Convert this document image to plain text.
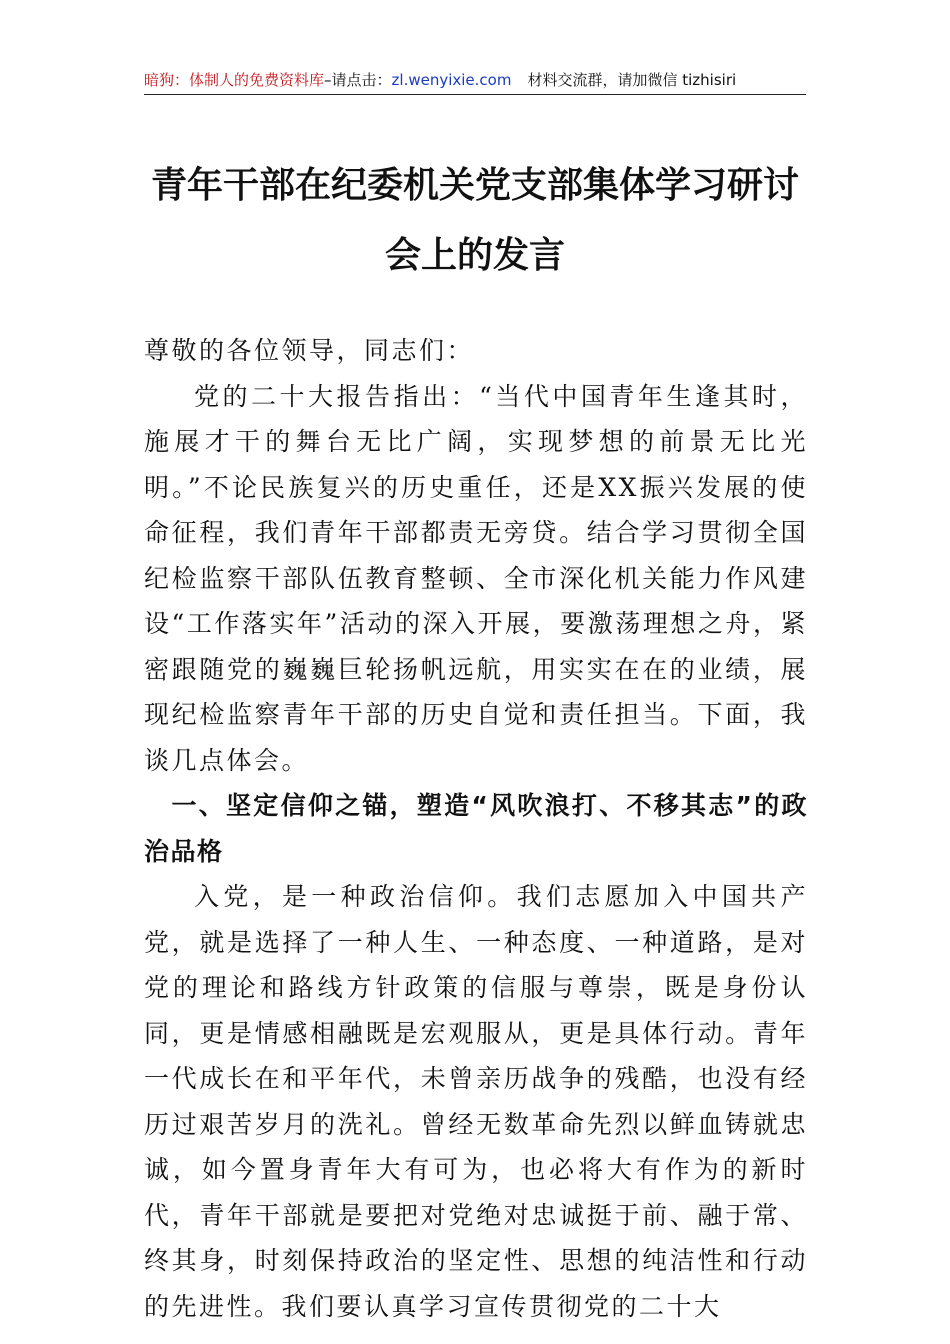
暗狗：体制人的免费资料库–请点击：zl.wenyixie.com 材料交流群，请加微信 tizhisiri
青年干部在纪委机关党支部集体学习研讨
会上的发言

尊敬的各位领导，同志们：

党的二十大报告指出：“当代中国青年生逢其时，施展才干的舞台无比广阔，实现梦想的前景无比光明。”不论民族复兴的历史重任，还是XX振兴发展的使命征程，我们青年干部都责无旁贷。结合学习贯彻全国纪检监察干部队伍教育整顿、全市深化机关能力作风建设“工作落实年”活动的深入开展，要激荡理想之舟，紧密跟随党的巍巍巨轮扬帆远航，用实实在在的业绩，展现纪检监察青年干部的历史自觉和责任担当。下面，我谈几点体会。

一、坚定信仰之锚，塑造“风吹浪打、不移其志”的政治品格

入党，是一种政治信仰。我们志愿加入中国共产党，就是选择了一种人生、一种态度、一种道路，是对党的理论和路线方针政策的信服与尊崇，既是身份认同，更是情感相融既是宏观服从，更是具体行动。青年一代成长在和平年代，未曾亲历战争的残酷，也没有经历过艰苦岁月的洗礼。曾经无数革命先烈以鲜血铸就忠诚，如今置身青年大有可为，也必将大有作为的新时代，青年干部就是要把对党绝对忠诚挺于前、融于常、终其身，时刻保持政治的坚定性、思想的纯洁性和行动的先进性。我们要认真学习宣传贯彻党的二十大
